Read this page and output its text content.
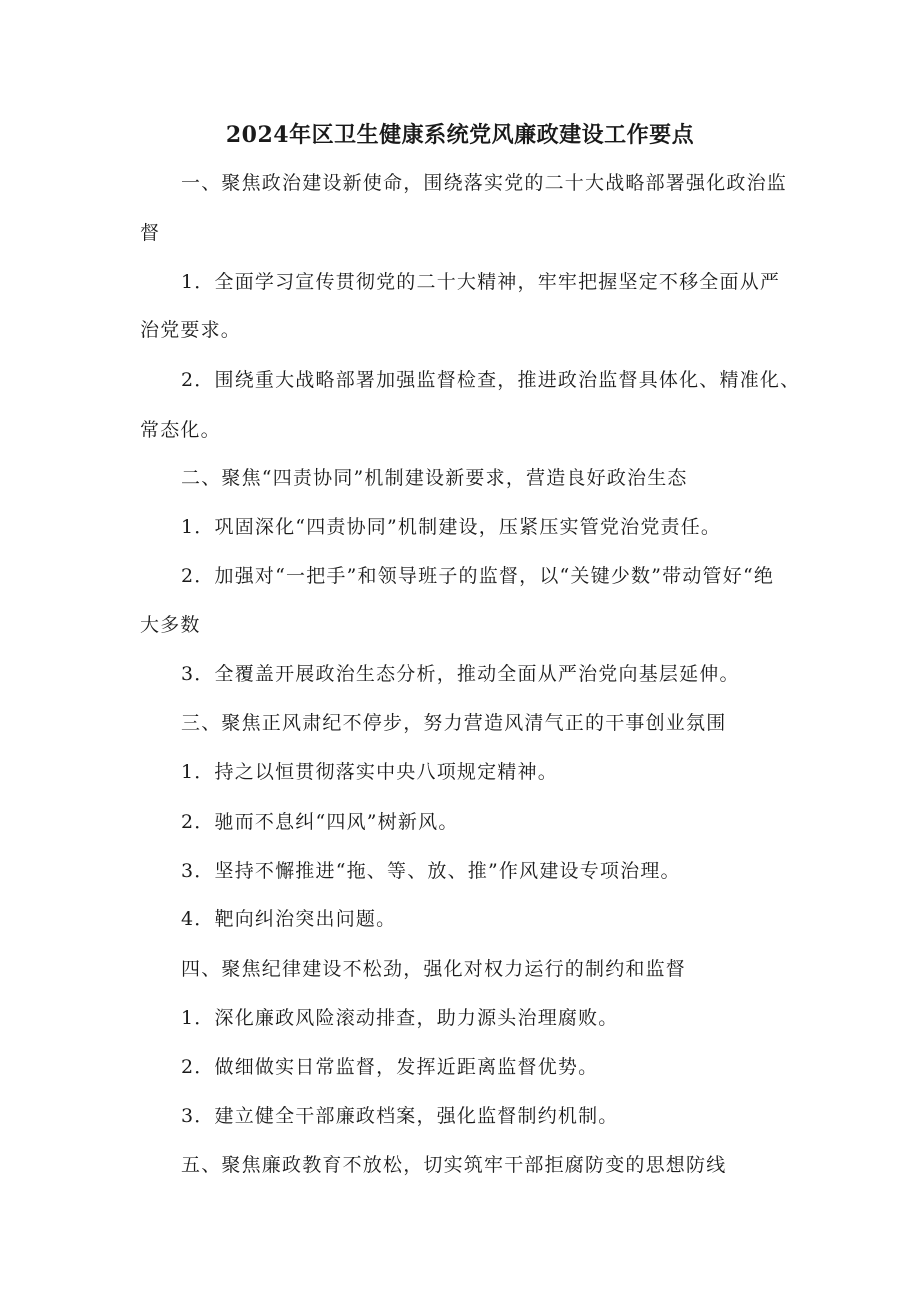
2024年区卫生健康系统党风廉政建设工作要点
一、聚焦政治建设新使命，围绕落实党的二十大战略部署强化政治监
督
1．全面学习宣传贯彻党的二十大精神，牢牢把握坚定不移全面从严
治党要求。
2．围绕重大战略部署加强监督检查，推进政治监督具体化、精准化、
常态化。
二、聚焦“四责协同”机制建设新要求，营造良好政治生态
1．巩固深化“四责协同”机制建设，压紧压实管党治党责任。
2．加强对“一把手”和领导班子的监督，以“关键少数”带动管好“绝
大多数
3．全覆盖开展政治生态分析，推动全面从严治党向基层延伸。
三、聚焦正风肃纪不停步，努力营造风清气正的干事创业氛围
1．持之以恒贯彻落实中央八项规定精神。
2．驰而不息纠“四风”树新风。
3．坚持不懈推进“拖、等、放、推”作风建设专项治理。
4．靶向纠治突出问题。
四、聚焦纪律建设不松劲，强化对权力运行的制约和监督
1．深化廉政风险滚动排查，助力源头治理腐败。
2．做细做实日常监督，发挥近距离监督优势。
3．建立健全干部廉政档案，强化监督制约机制。
五、聚焦廉政教育不放松，切实筑牢干部拒腐防变的思想防线
